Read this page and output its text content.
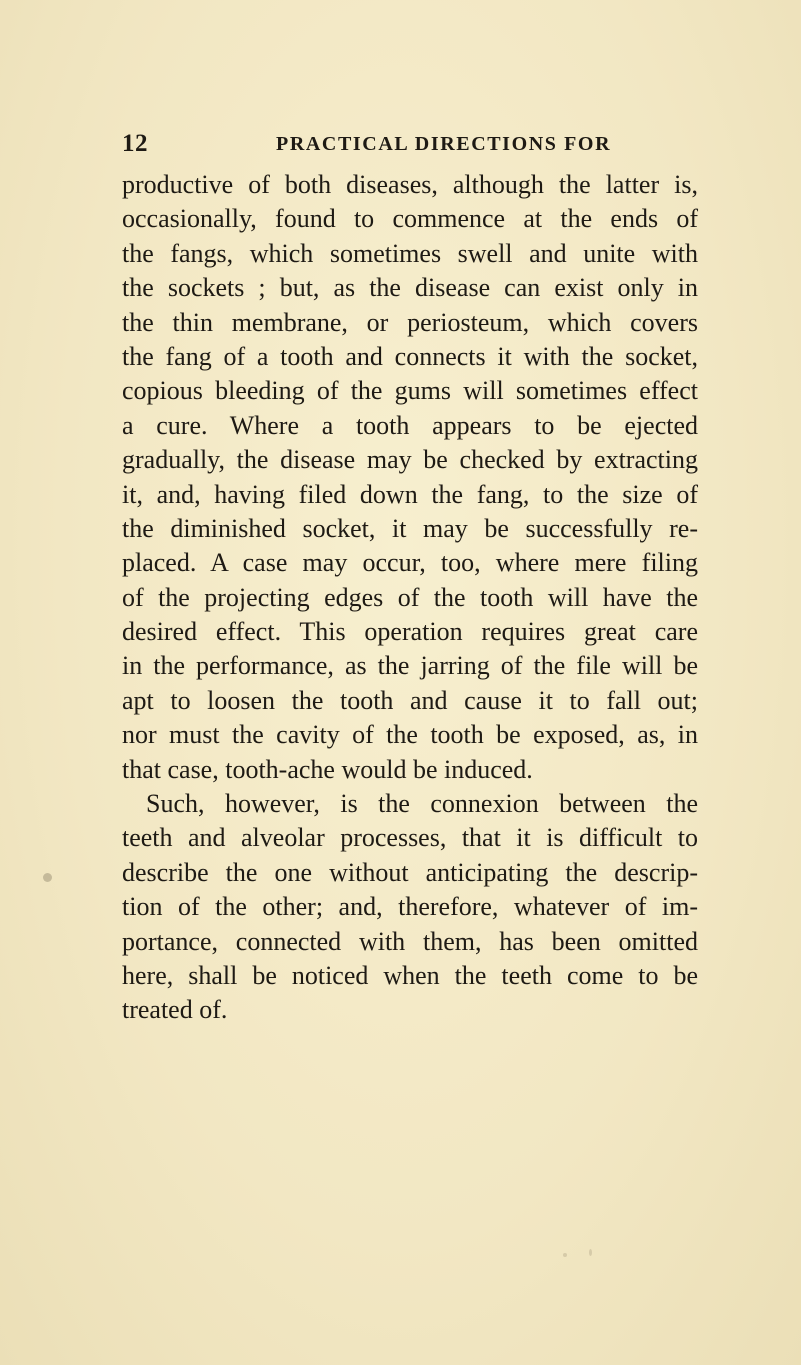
12	PRACTICAL DIRECTIONS FOR
productive of both diseases, although the latter is,
occasionally, found to commence at the ends of
the fangs, which sometimes swell and unite with
the sockets ; but, as the disease can exist only in
the thin membrane, or periosteum, which covers
the fang of a tooth and connects it with the socket,
copious bleeding of the gums will sometimes effect
a cure. Where a tooth appears to be ejected
gradually, the disease may be checked by extracting
it, and, having filed down the fang, to the size of
the diminished socket, it may be successfully re-
placed. A case may occur, too, where mere filing
of the projecting edges of the tooth will have the
desired effect. This operation requires great care
in the performance, as the jarring of the file will be
apt to loosen the tooth and cause it to fall out;
nor must the cavity of the tooth be exposed, as, in
that case, tooth-ache would be induced.
Such, however, is the connexion between the
teeth and alveolar processes, that it is difficult to
describe the one without anticipating the descrip-
tion of the other; and, therefore, whatever of im-
portance, connected with them, has been omitted
here, shall be noticed when the teeth come to be
treated of.
